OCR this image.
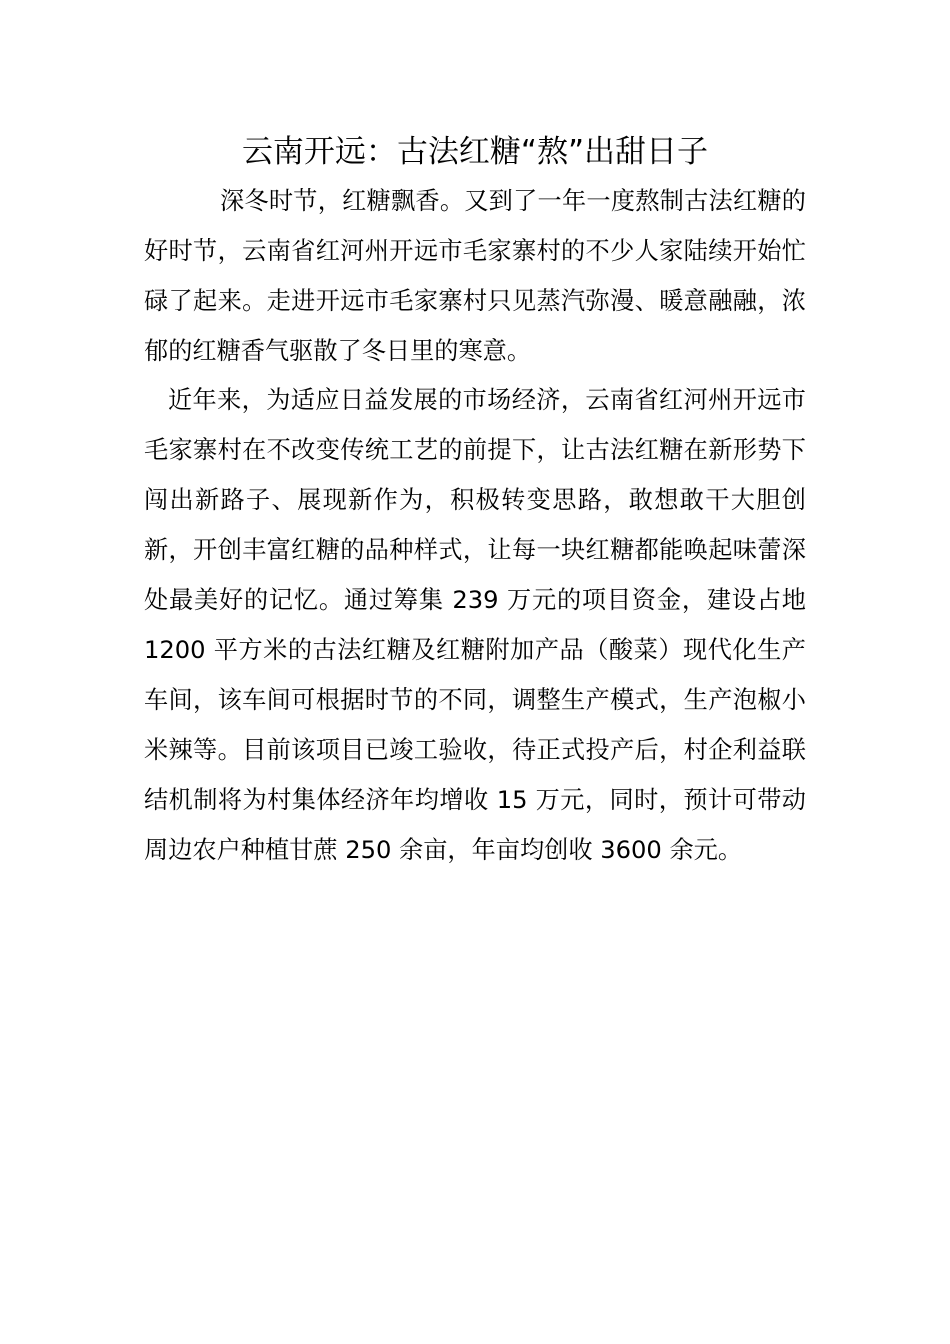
云南开远：古法红糖“熬”出甜日子

深冬时节，红糖飘香。又到了一年一度熬制古法红糖的好时节，云南省红河州开远市毛家寨村的不少人家陆续开始忙碌了起来。走进开远市毛家寨村只见蒸汽弥漫、暖意融融，浓郁的红糖香气驱散了冬日里的寒意。

近年来，为适应日益发展的市场经济，云南省红河州开远市毛家寨村在不改变传统工艺的前提下，让古法红糖在新形势下闯出新路子、展现新作为，积极转变思路，敢想敢干大胆创新，开创丰富红糖的品种样式，让每一块红糖都能唤起味蕾深处最美好的记忆。通过筹集 239 万元的项目资金，建设占地 1200 平方米的古法红糖及红糖附加产品（酸菜）现代化生产车间，该车间可根据时节的不同，调整生产模式，生产泡椒小米辣等。目前该项目已竣工验收，待正式投产后，村企利益联结机制将为村集体经济年均增收 15 万元，同时，预计可带动周边农户种植甘蔗 250 余亩，年亩均创收 3600 余元。
